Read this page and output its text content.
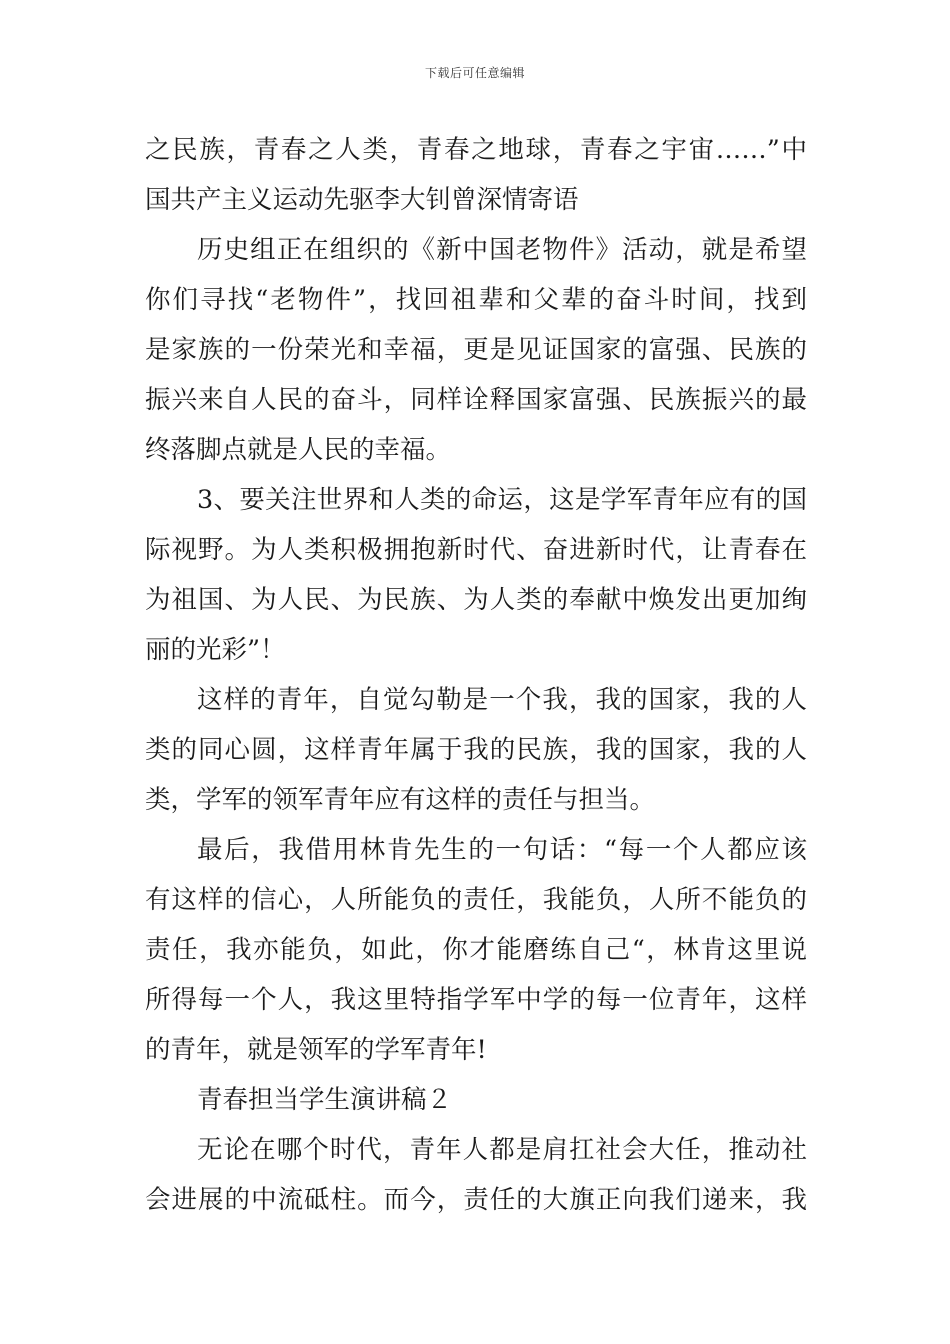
下载后可任意编辑
之民族，青春之人类，青春之地球，青春之宇宙……”中
国共产主义运动先驱李大钊曾深情寄语
历史组正在组织的《新中国老物件》活动，就是希望
你们寻找“老物件”，找回祖辈和父辈的奋斗时间，找到
是家族的一份荣光和幸福，更是见证国家的富强、民族的
振兴来自人民的奋斗，同样诠释国家富强、民族振兴的最
终落脚点就是人民的幸福。
3、要关注世界和人类的命运，这是学军青年应有的国
际视野。为人类积极拥抱新时代、奋进新时代，让青春在
为祖国、为人民、为民族、为人类的奉献中焕发出更加绚
丽的光彩”！
这样的青年，自觉勾勒是一个我，我的国家，我的人
类的同心圆，这样青年属于我的民族，我的国家，我的人
类，学军的领军青年应有这样的责任与担当。
最后，我借用林肯先生的一句话：“每一个人都应该
有这样的信心，人所能负的责任，我能负，人所不能负的
责任，我亦能负，如此，你才能磨练自己“，林肯这里说
所得每一个人，我这里特指学军中学的每一位青年，这样
的青年，就是领军的学军青年!
青春担当学生演讲稿２
无论在哪个时代，青年人都是肩扛社会大任，推动社
会进展的中流砥柱。而今，责任的大旗正向我们递来，我
